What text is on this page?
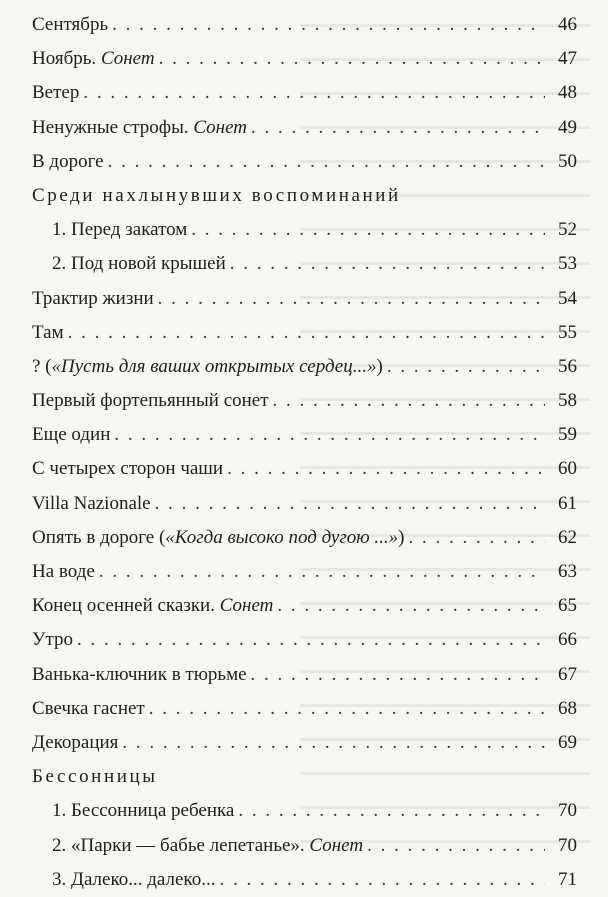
Сентябрь . . .	46
Ноябрь. Сонет . . .	47
Ветер . . .	48
Ненужные строфы. Сонет . . .	49
В дороге . . .	50
Среди нахлынувших воспоминаний
1. Перед закатом . . .	52
2. Под новой крышей . . .	53
Трактир жизни . . .	54
Там . . .	55
? («Пусть для ваших открытых сердец...») . . .	56
Первый фортепьянный сонет . . .	58
Еще один . . .	59
С четырех сторон чаши . . .	60
Villa Nazionale . . .	61
Опять в дороге («Когда высоко под дугою ...») . . .	62
На воде . . .	63
Конец осенней сказки. Сонет . . .	65
Утро . . .	66
Ванька-ключник в тюрьме . . .	67
Свечка гаснет . . .	68
Декорация . . .	69
Бессонницы
1. Бессонница ребенка . . .	70
2. «Парки — бабье лепетанье». Сонет . . .	70
3. Далеко... далеко... . . .	71
